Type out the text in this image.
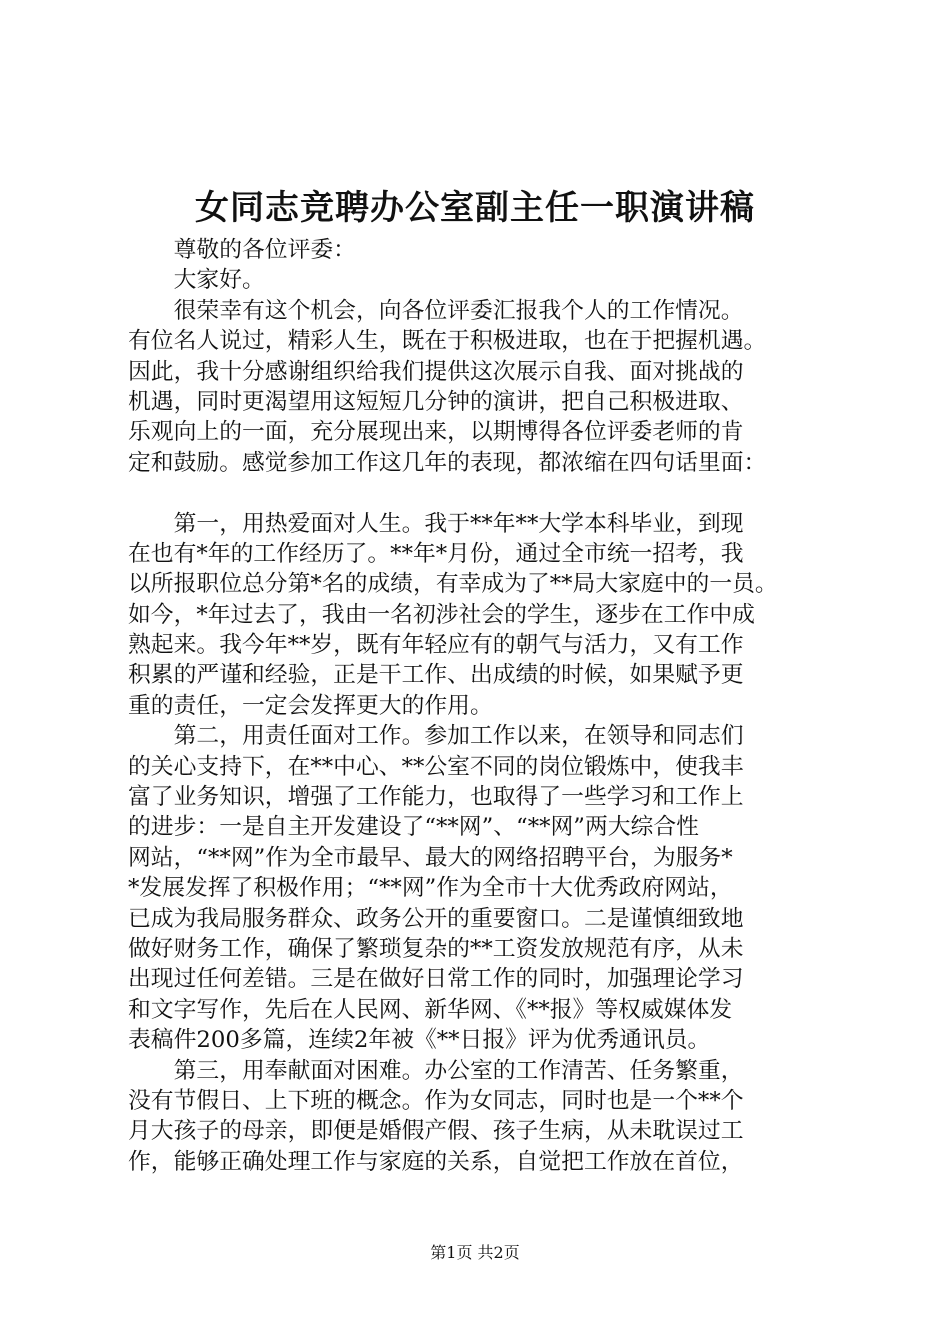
女同志竞聘办公室副主任一职演讲稿
　　尊敬的各位评委：
　　大家好。
　　很荣幸有这个机会，向各位评委汇报我个人的工作情况。
有位名人说过，精彩人生，既在于积极进取，也在于把握机遇。
因此，我十分感谢组织给我们提供这次展示自我、面对挑战的
机遇，同时更渴望用这短短几分钟的演讲，把自己积极进取、
乐观向上的一面，充分展现出来，以期博得各位评委老师的肯
定和鼓励。感觉参加工作这几年的表现，都浓缩在四句话里面：
　　第一，用热爱面对人生。我于**年**大学本科毕业，到现
在也有*年的工作经历了。**年*月份，通过全市统一招考，我
以所报职位总分第*名的成绩，有幸成为了**局大家庭中的一员。
如今，*年过去了，我由一名初涉社会的学生，逐步在工作中成
熟起来。我今年**岁，既有年轻应有的朝气与活力，又有工作
积累的严谨和经验，正是干工作、出成绩的时候，如果赋予更
重的责任，一定会发挥更大的作用。
　　第二，用责任面对工作。参加工作以来，在领导和同志们
的关心支持下，在**中心、**公室不同的岗位锻炼中，使我丰
富了业务知识，增强了工作能力，也取得了一些学习和工作上
的进步：一是自主开发建设了“**网”、“**网”两大综合性
网站，“**网”作为全市最早、最大的网络招聘平台，为服务*
*发展发挥了积极作用；“**网”作为全市十大优秀政府网站，
已成为我局服务群众、政务公开的重要窗口。二是谨慎细致地
做好财务工作，确保了繁琐复杂的**工资发放规范有序，从未
出现过任何差错。三是在做好日常工作的同时，加强理论学习
和文字写作，先后在人民网、新华网、《**报》等权威媒体发
表稿件200多篇，连续2年被《**日报》评为优秀通讯员。
　　第三，用奉献面对困难。办公室的工作清苦、任务繁重，
没有节假日、上下班的概念。作为女同志，同时也是一个**个
月大孩子的母亲，即便是婚假产假、孩子生病，从未耽误过工
作，能够正确处理工作与家庭的关系，自觉把工作放在首位，
第1页 共2页
